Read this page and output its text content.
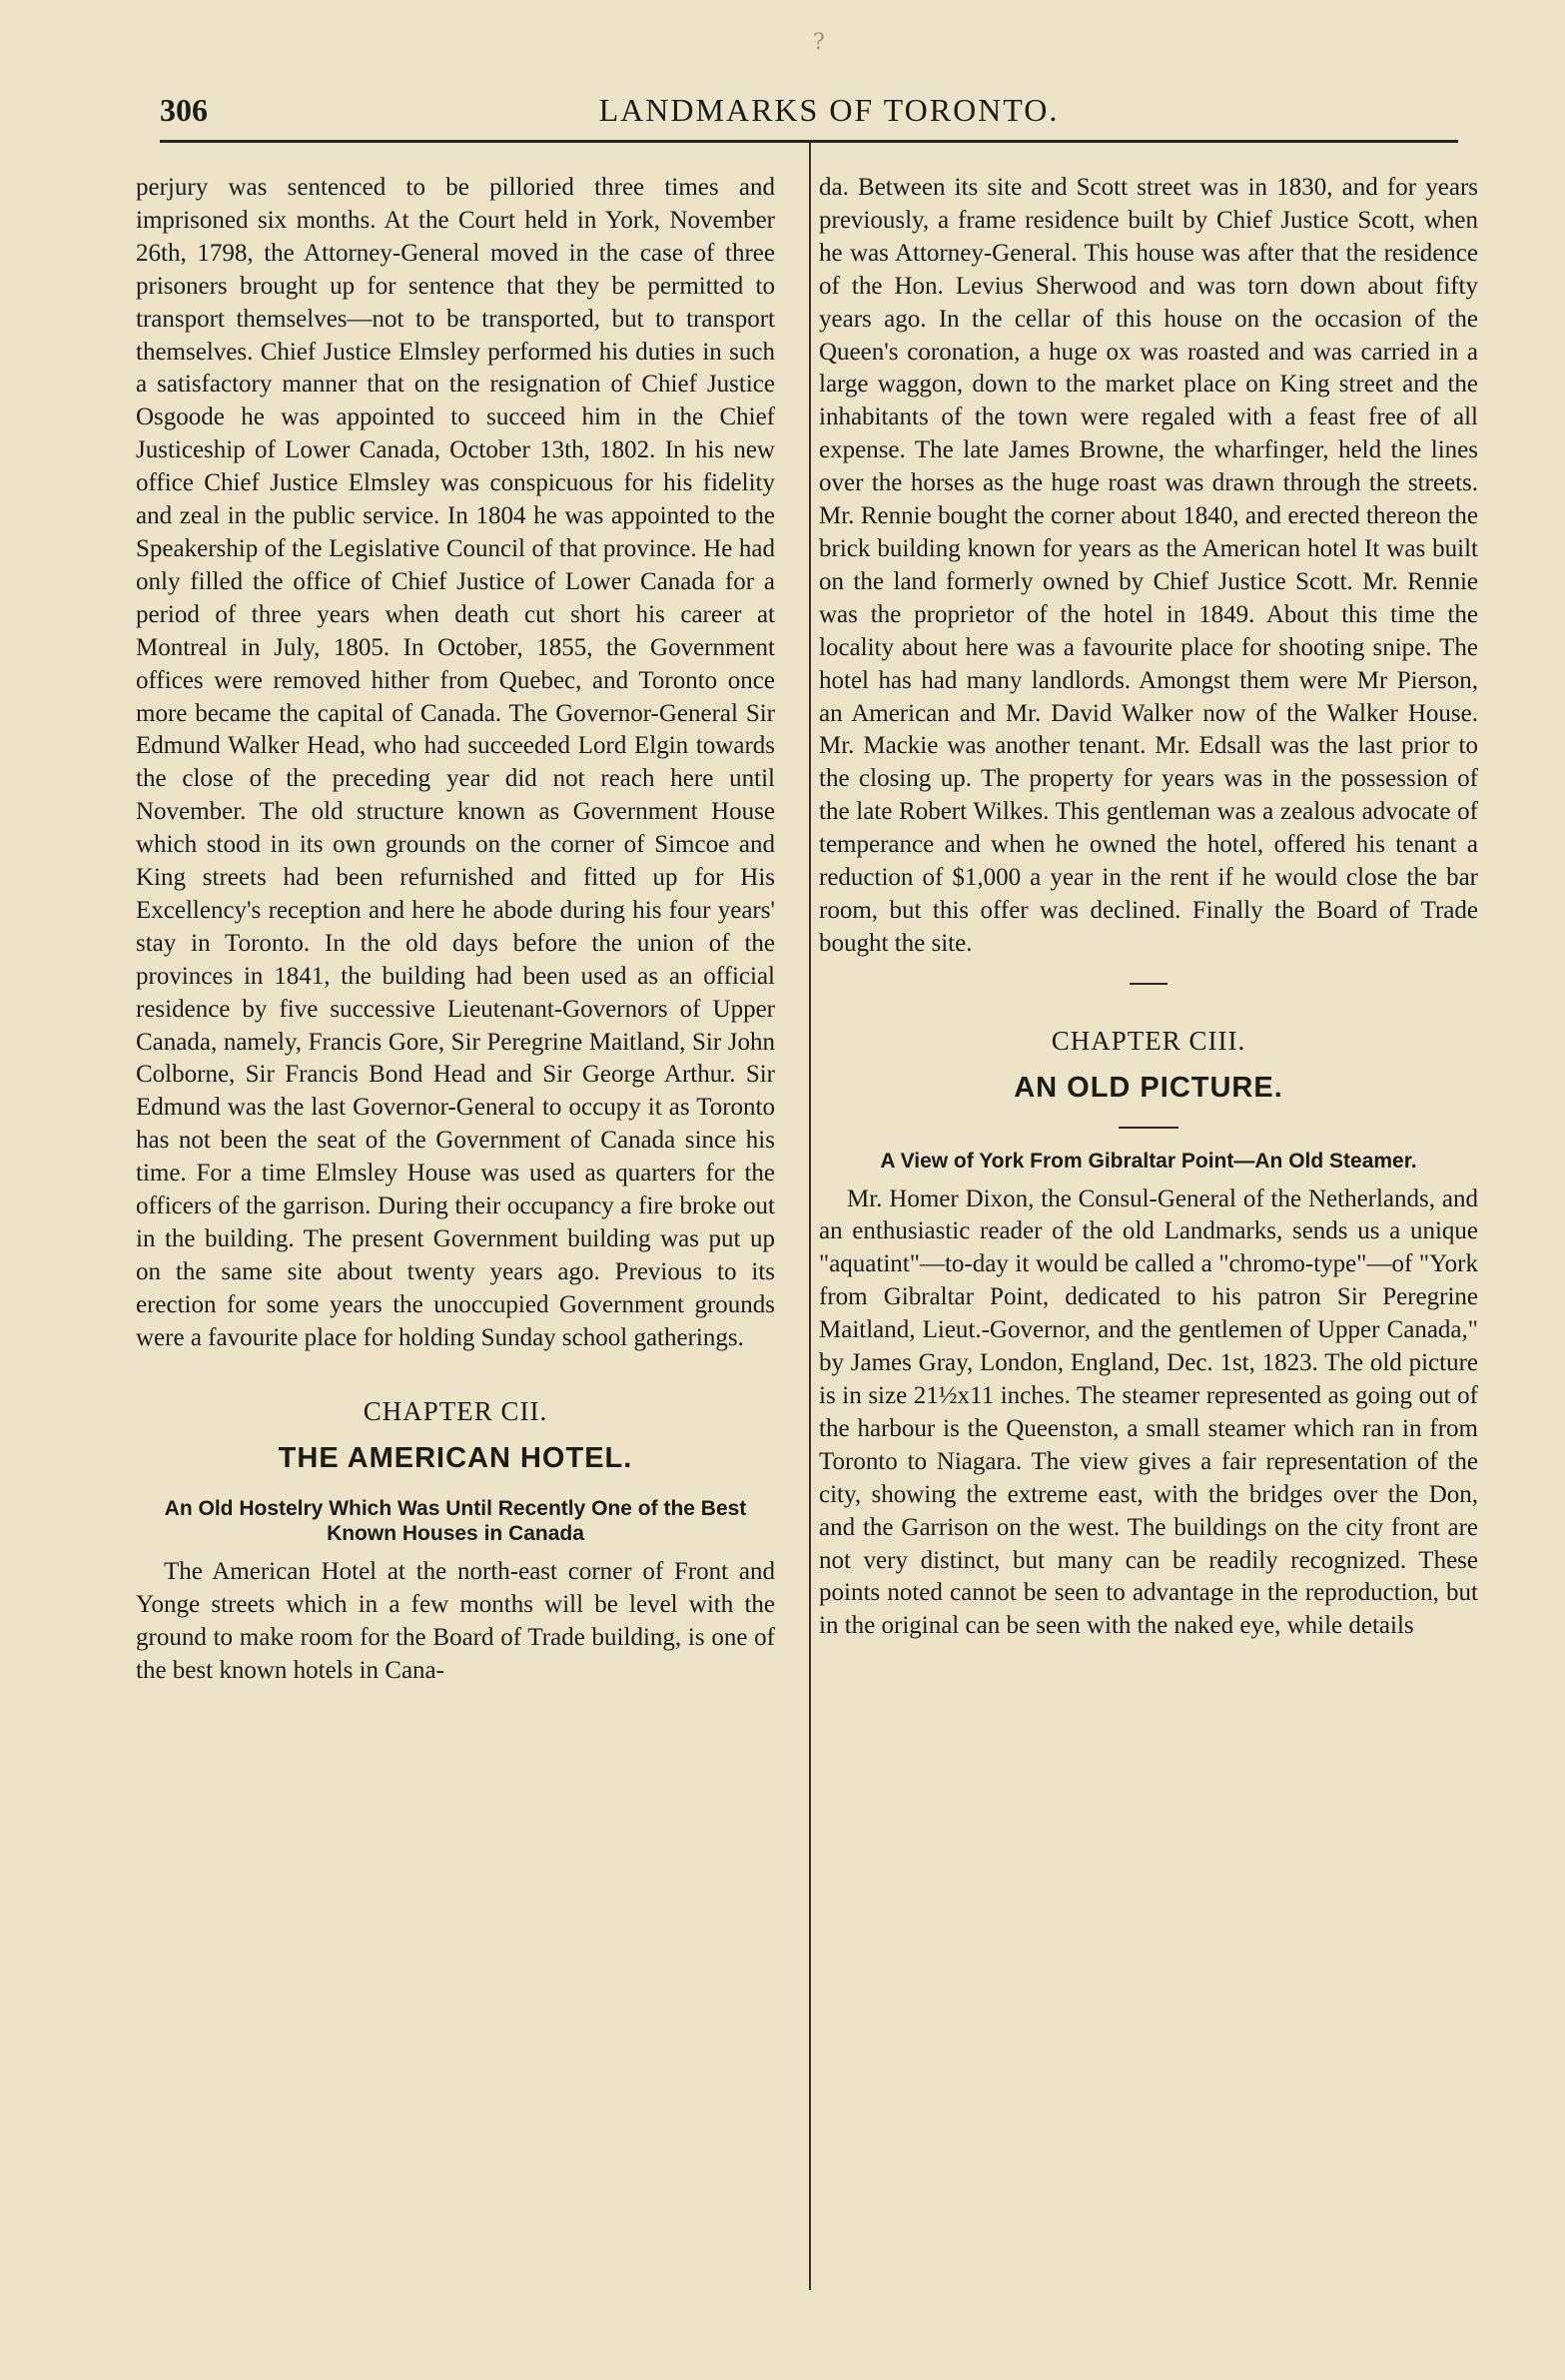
?
306	LANDMARKS OF TORONTO.

perjury was sentenced to be pilloried three times and imprisoned six months. At the Court held in York, November 26th, 1798, the Attorney-General moved in the case of three prisoners brought up for sentence that they be permitted to transport themselves—not to be transported, but to transport themselves. Chief Justice Elmsley performed his duties in such a satisfactory manner that on the resignation of Chief Justice Osgoode he was appointed to succeed him in the Chief Justiceship of Lower Canada, October 13th, 1802. In his new office Chief Justice Elmsley was conspicuous for his fidelity and zeal in the public service. In 1804 he was appointed to the Speakership of the Legislative Council of that province. He had only filled the office of Chief Justice of Lower Canada for a period of three years when death cut short his career at Montreal in July, 1805. In October, 1855, the Government offices were removed hither from Quebec, and Toronto once more became the capital of Canada. The Governor-General Sir Edmund Walker Head, who had succeeded Lord Elgin towards the close of the preceding year did not reach here until November. The old structure known as Government House which stood in its own grounds on the corner of Simcoe and King streets had been refurnished and fitted up for His Excellency's reception and here he abode during his four years' stay in Toronto. In the old days before the union of the provinces in 1841, the building had been used as an official residence by five successive Lieutenant-Governors of Upper Canada, namely, Francis Gore, Sir Peregrine Maitland, Sir John Colborne, Sir Francis Bond Head and Sir George Arthur. Sir Edmund was the last Governor-General to occupy it as Toronto has not been the seat of the Government of Canada since his time. For a time Elmsley House was used as quarters for the officers of the garrison. During their occupancy a fire broke out in the building. The present Government building was put up on the same site about twenty years ago. Previous to its erection for some years the unoccupied Government grounds were a favourite place for holding Sunday school gatherings.

CHAPTER CII.
THE AMERICAN HOTEL.
An Old Hostelry Which Was Until Recently One of the Best Known Houses in Canada

The American Hotel at the north-east corner of Front and Yonge streets which in a few months will be level with the ground to make room for the Board of Trade building, is one of the best known hotels in Cana-

da. Between its site and Scott street was in 1830, and for years previously, a frame residence built by Chief Justice Scott, when he was Attorney-General. This house was after that the residence of the Hon. Levius Sherwood and was torn down about fifty years ago. In the cellar of this house on the occasion of the Queen's coronation, a huge ox was roasted and was carried in a large waggon, down to the market place on King street and the inhabitants of the town were regaled with a feast free of all expense. The late James Browne, the wharfinger, held the lines over the horses as the huge roast was drawn through the streets. Mr. Rennie bought the corner about 1840, and erected thereon the brick building known for years as the American hotel It was built on the land formerly owned by Chief Justice Scott. Mr. Rennie was the proprietor of the hotel in 1849. About this time the locality about here was a favourite place for shooting snipe. The hotel has had many landlords. Amongst them were Mr Pierson, an American and Mr. David Walker now of the Walker House. Mr. Mackie was another tenant. Mr. Edsall was the last prior to the closing up. The property for years was in the possession of the late Robert Wilkes. This gentleman was a zealous advocate of temperance and when he owned the hotel, offered his tenant a reduction of $1,000 a year in the rent if he would close the bar room, but this offer was declined. Finally the Board of Trade bought the site.

CHAPTER CIII.
AN OLD PICTURE.
A View of York From Gibraltar Point—An Old Steamer.

Mr. Homer Dixon, the Consul-General of the Netherlands, and an enthusiastic reader of the old Landmarks, sends us a unique "aquatint"—to-day it would be called a "chromo-type"—of "York from Gibraltar Point, dedicated to his patron Sir Peregrine Maitland, Lieut.-Governor, and the gentlemen of Upper Canada," by James Gray, London, England, Dec. 1st, 1823. The old picture is in size 21½x11 inches. The steamer represented as going out of the harbour is the Queenston, a small steamer which ran in from Toronto to Niagara. The view gives a fair representation of the city, showing the extreme east, with the bridges over the Don, and the Garrison on the west. The buildings on the city front are not very distinct, but many can be readily recognized. These points noted cannot be seen to advantage in the reproduction, but in the original can be seen with the naked eye, while details
